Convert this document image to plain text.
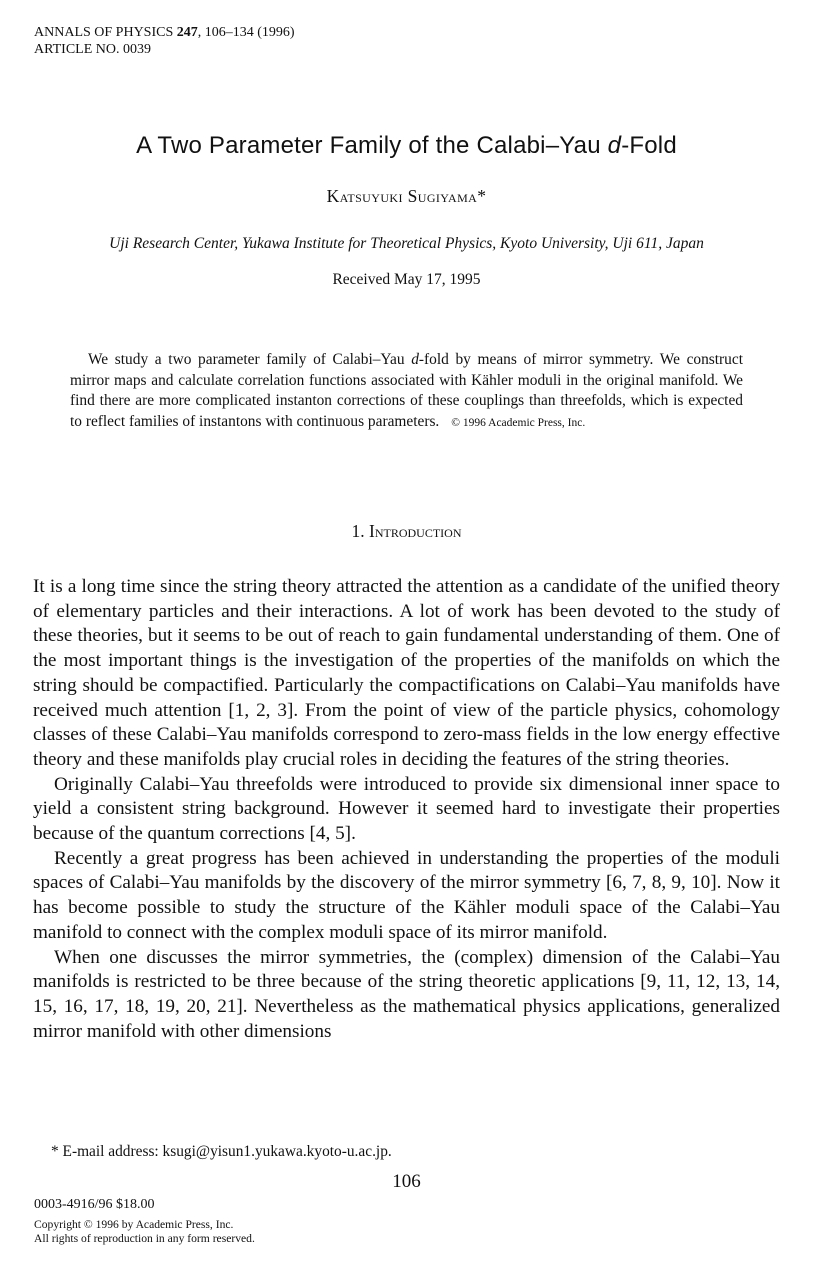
ANNALS OF PHYSICS 247, 106–134 (1996)
ARTICLE NO. 0039
A Two Parameter Family of the Calabi–Yau d-Fold
Katsuyuki Sugiyama*
Uji Research Center, Yukawa Institute for Theoretical Physics, Kyoto University, Uji 611, Japan
Received May 17, 1995

We study a two parameter family of Calabi–Yau d-fold by means of mirror symmetry. We construct mirror maps and calculate correlation functions associated with Kähler moduli in the original manifold. We find there are more complicated instanton corrections of these couplings than threefolds, which is expected to reflect families of instantons with continuous parameters. © 1996 Academic Press, Inc.

1. Introduction

It is a long time since the string theory attracted the attention as a candidate of the unified theory of elementary particles and their interactions. A lot of work has been devoted to the study of these theories, but it seems to be out of reach to gain fundamental understanding of them. One of the most important things is the investigation of the properties of the manifolds on which the string should be compactified. Particularly the compactifications on Calabi–Yau manifolds have received much attention [1, 2, 3]. From the point of view of the particle physics, cohomology classes of these Calabi–Yau manifolds correspond to zero-mass fields in the low energy effective theory and these manifolds play crucial roles in deciding the features of the string theories.

Originally Calabi–Yau threefolds were introduced to provide six dimensional inner space to yield a consistent string background. However it seemed hard to investigate their properties because of the quantum corrections [4, 5].

Recently a great progress has been achieved in understanding the properties of the moduli spaces of Calabi–Yau manifolds by the discovery of the mirror symmetry [6, 7, 8, 9, 10]. Now it has become possible to study the structure of the Kähler moduli space of the Calabi–Yau manifold to connect with the complex moduli space of its mirror manifold.

When one discusses the mirror symmetries, the (complex) dimension of the Calabi–Yau manifolds is restricted to be three because of the string theoretic applications [9, 11, 12, 13, 14, 15, 16, 17, 18, 19, 20, 21]. Nevertheless as the mathematical physics applications, generalized mirror manifold with other dimensions

* E-mail address: ksugi@yisun1.yukawa.kyoto-u.ac.jp.
106
0003-4916/96 $18.00
Copyright © 1996 by Academic Press, Inc.
All rights of reproduction in any form reserved.
